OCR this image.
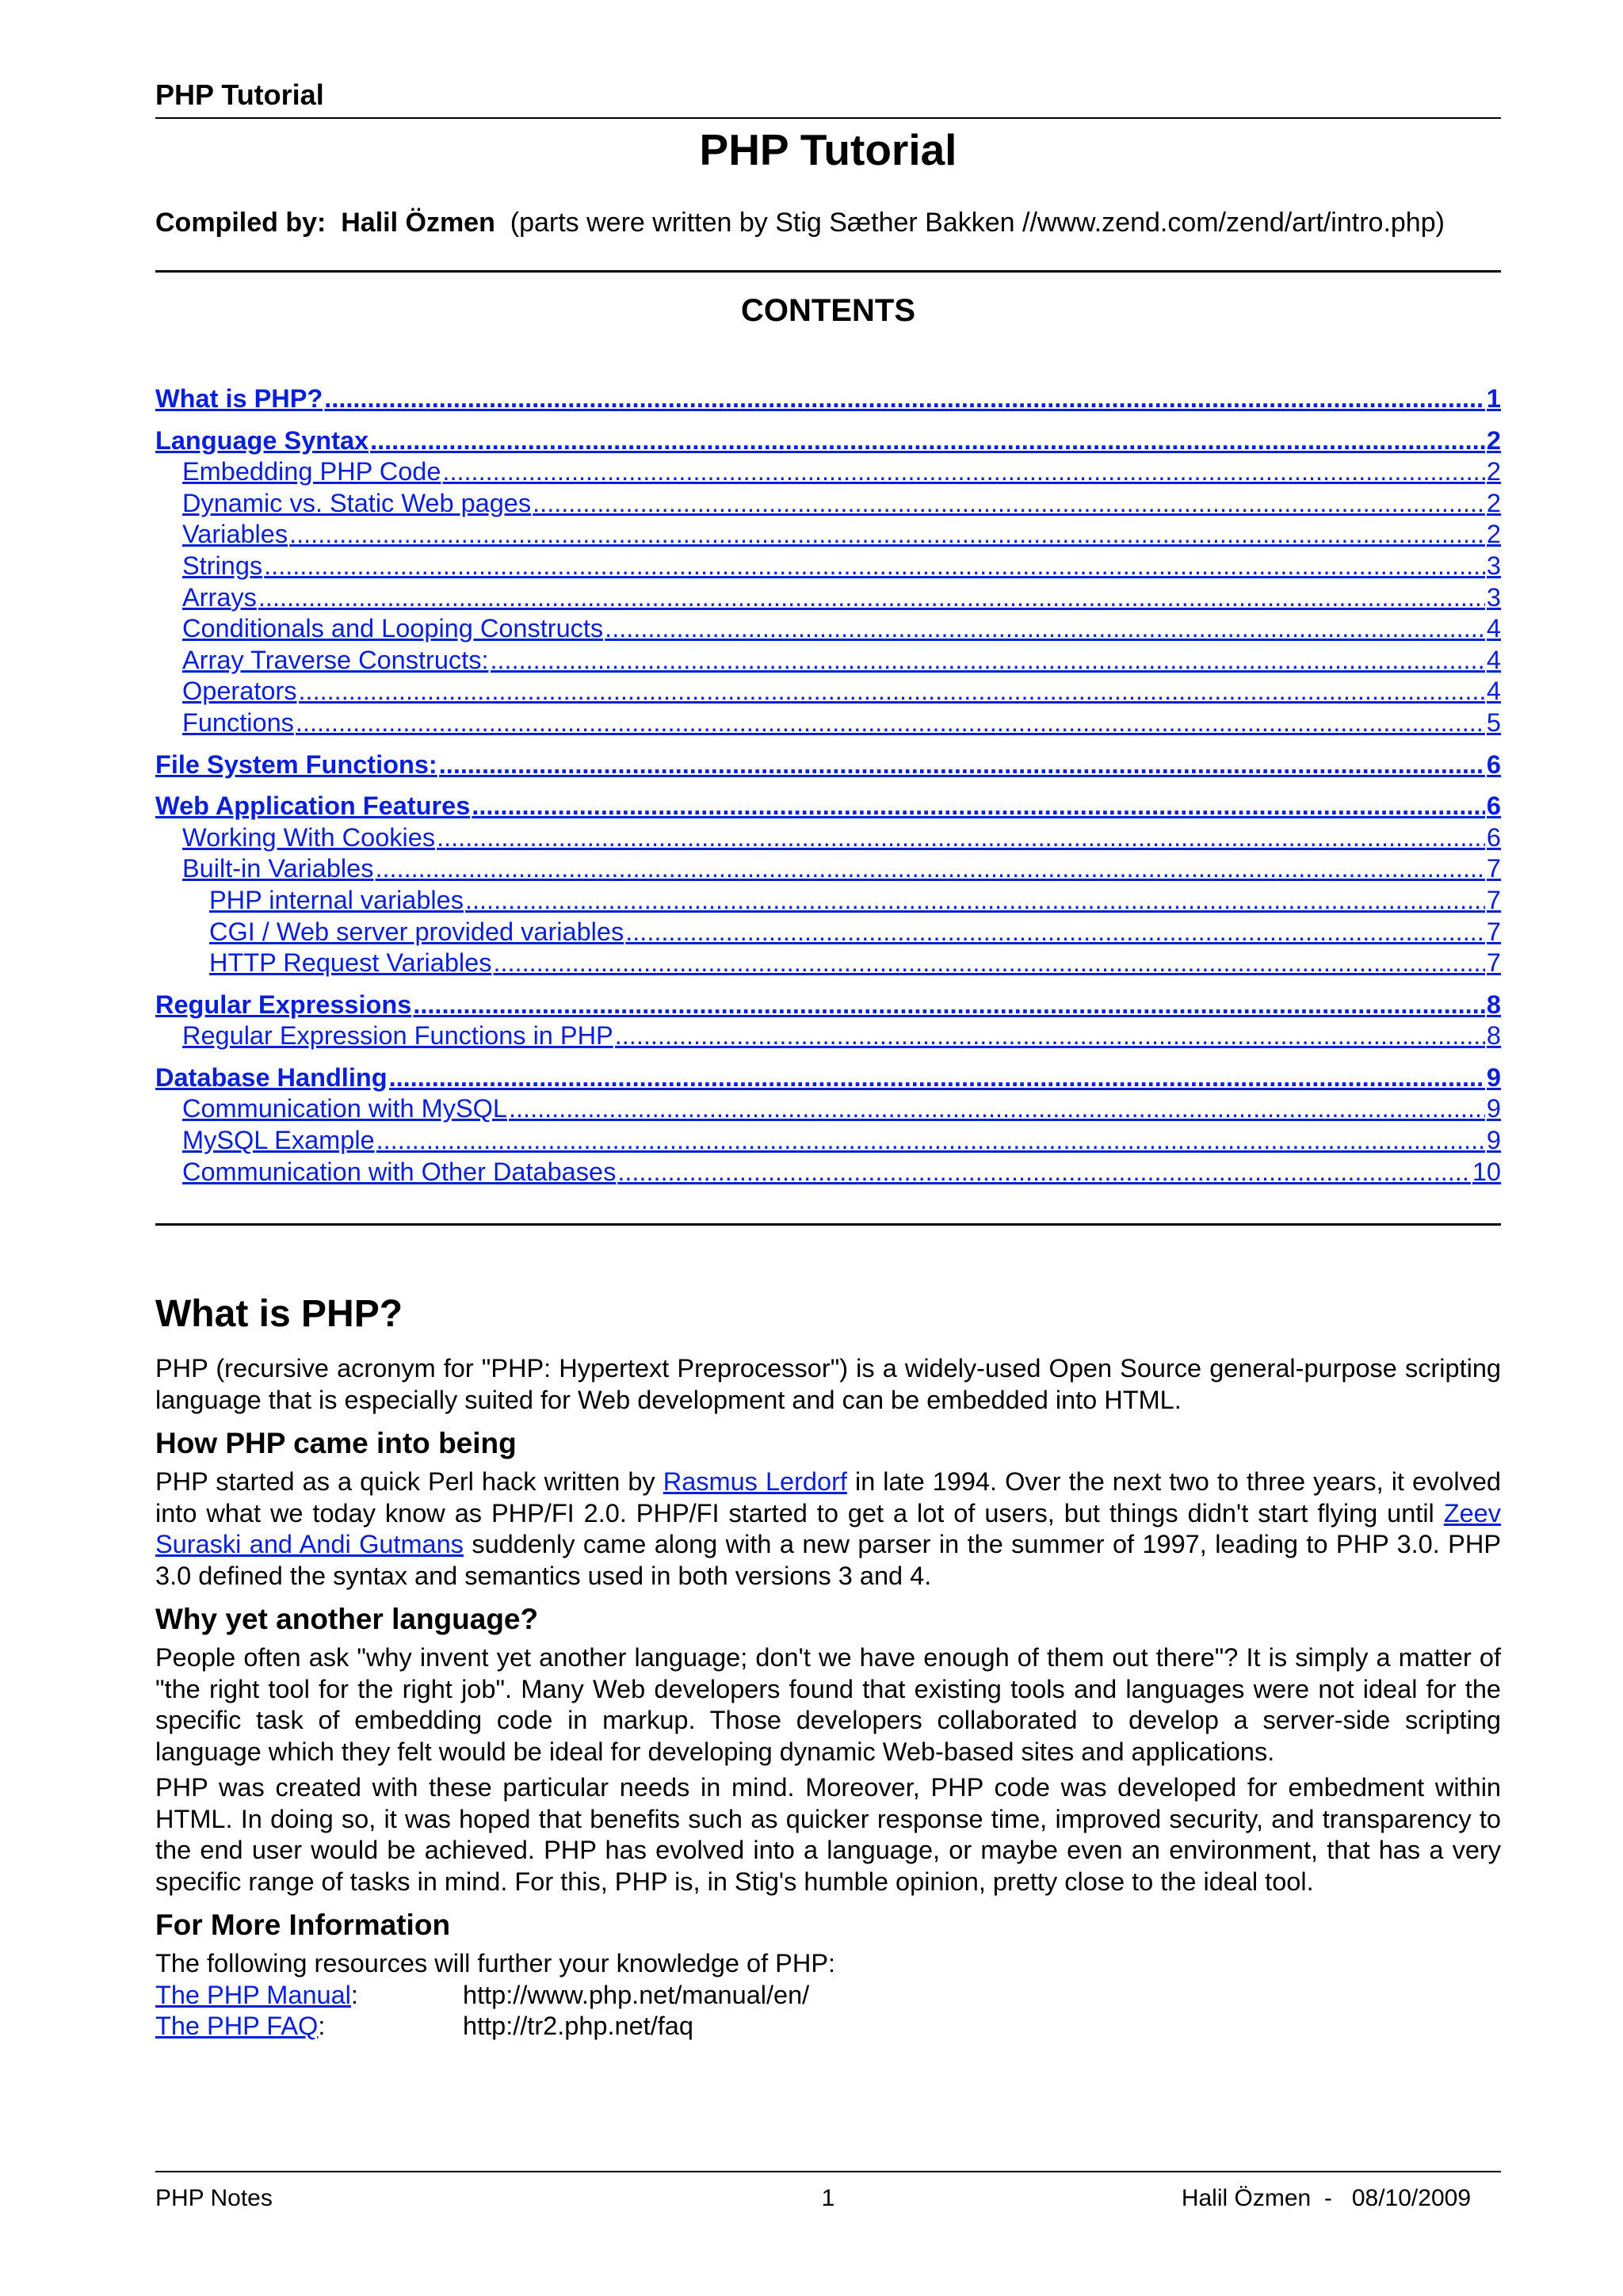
PHP Tutorial
PHP Tutorial
Compiled by: Halil Özmen (parts were written by Stig Sæther Bakken //www.zend.com/zend/art/intro.php)
CONTENTS
What is PHP? .....	1
Language Syntax .....	2
Embedding PHP Code .....	2
Dynamic vs. Static Web pages .....	2
Variables .....	2
Strings .....	3
Arrays .....	3
Conditionals and Looping Constructs .....	4
Array Traverse Constructs: .....	4
Operators .....	4
Functions .....	5
File System Functions: .....	6
Web Application Features .....	6
Working With Cookies .....	6
Built-in Variables .....	7
PHP internal variables .....	7
CGI / Web server provided variables .....	7
HTTP Request Variables .....	7
Regular Expressions .....	8
Regular Expression Functions in PHP .....	8
Database Handling .....	9
Communication with MySQL .....	9
MySQL Example .....	9
Communication with Other Databases .....	10
What is PHP?

PHP (recursive acronym for "PHP: Hypertext Preprocessor") is a widely-used Open Source general-purpose scripting language that is especially suited for Web development and can be embedded into HTML.

How PHP came into being

PHP started as a quick Perl hack written by Rasmus Lerdorf in late 1994. Over the next two to three years, it evolved into what we today know as PHP/FI 2.0. PHP/FI started to get a lot of users, but things didn't start flying until Zeev Suraski and Andi Gutmans suddenly came along with a new parser in the summer of 1997, leading to PHP 3.0. PHP 3.0 defined the syntax and semantics used in both versions 3 and 4.

Why yet another language?

People often ask "why invent yet another language; don't we have enough of them out there"? It is simply a matter of "the right tool for the right job". Many Web developers found that existing tools and languages were not ideal for the specific task of embedding code in markup. Those developers collaborated to develop a server-side scripting language which they felt would be ideal for developing dynamic Web-based sites and applications.

PHP was created with these particular needs in mind. Moreover, PHP code was developed for embedment within HTML. In doing so, it was hoped that benefits such as quicker response time, improved security, and transparency to the end user would be achieved. PHP has evolved into a language, or maybe even an environment, that has a very specific range of tasks in mind. For this, PHP is, in Stig's humble opinion, pretty close to the ideal tool.

For More Information

The following resources will further your knowledge of PHP:

The PHP Manual:	http://www.php.net/manual/en/
The PHP FAQ:	http://tr2.php.net/faq
PHP Notes	1	Halil Özmen  -   08/10/2009
